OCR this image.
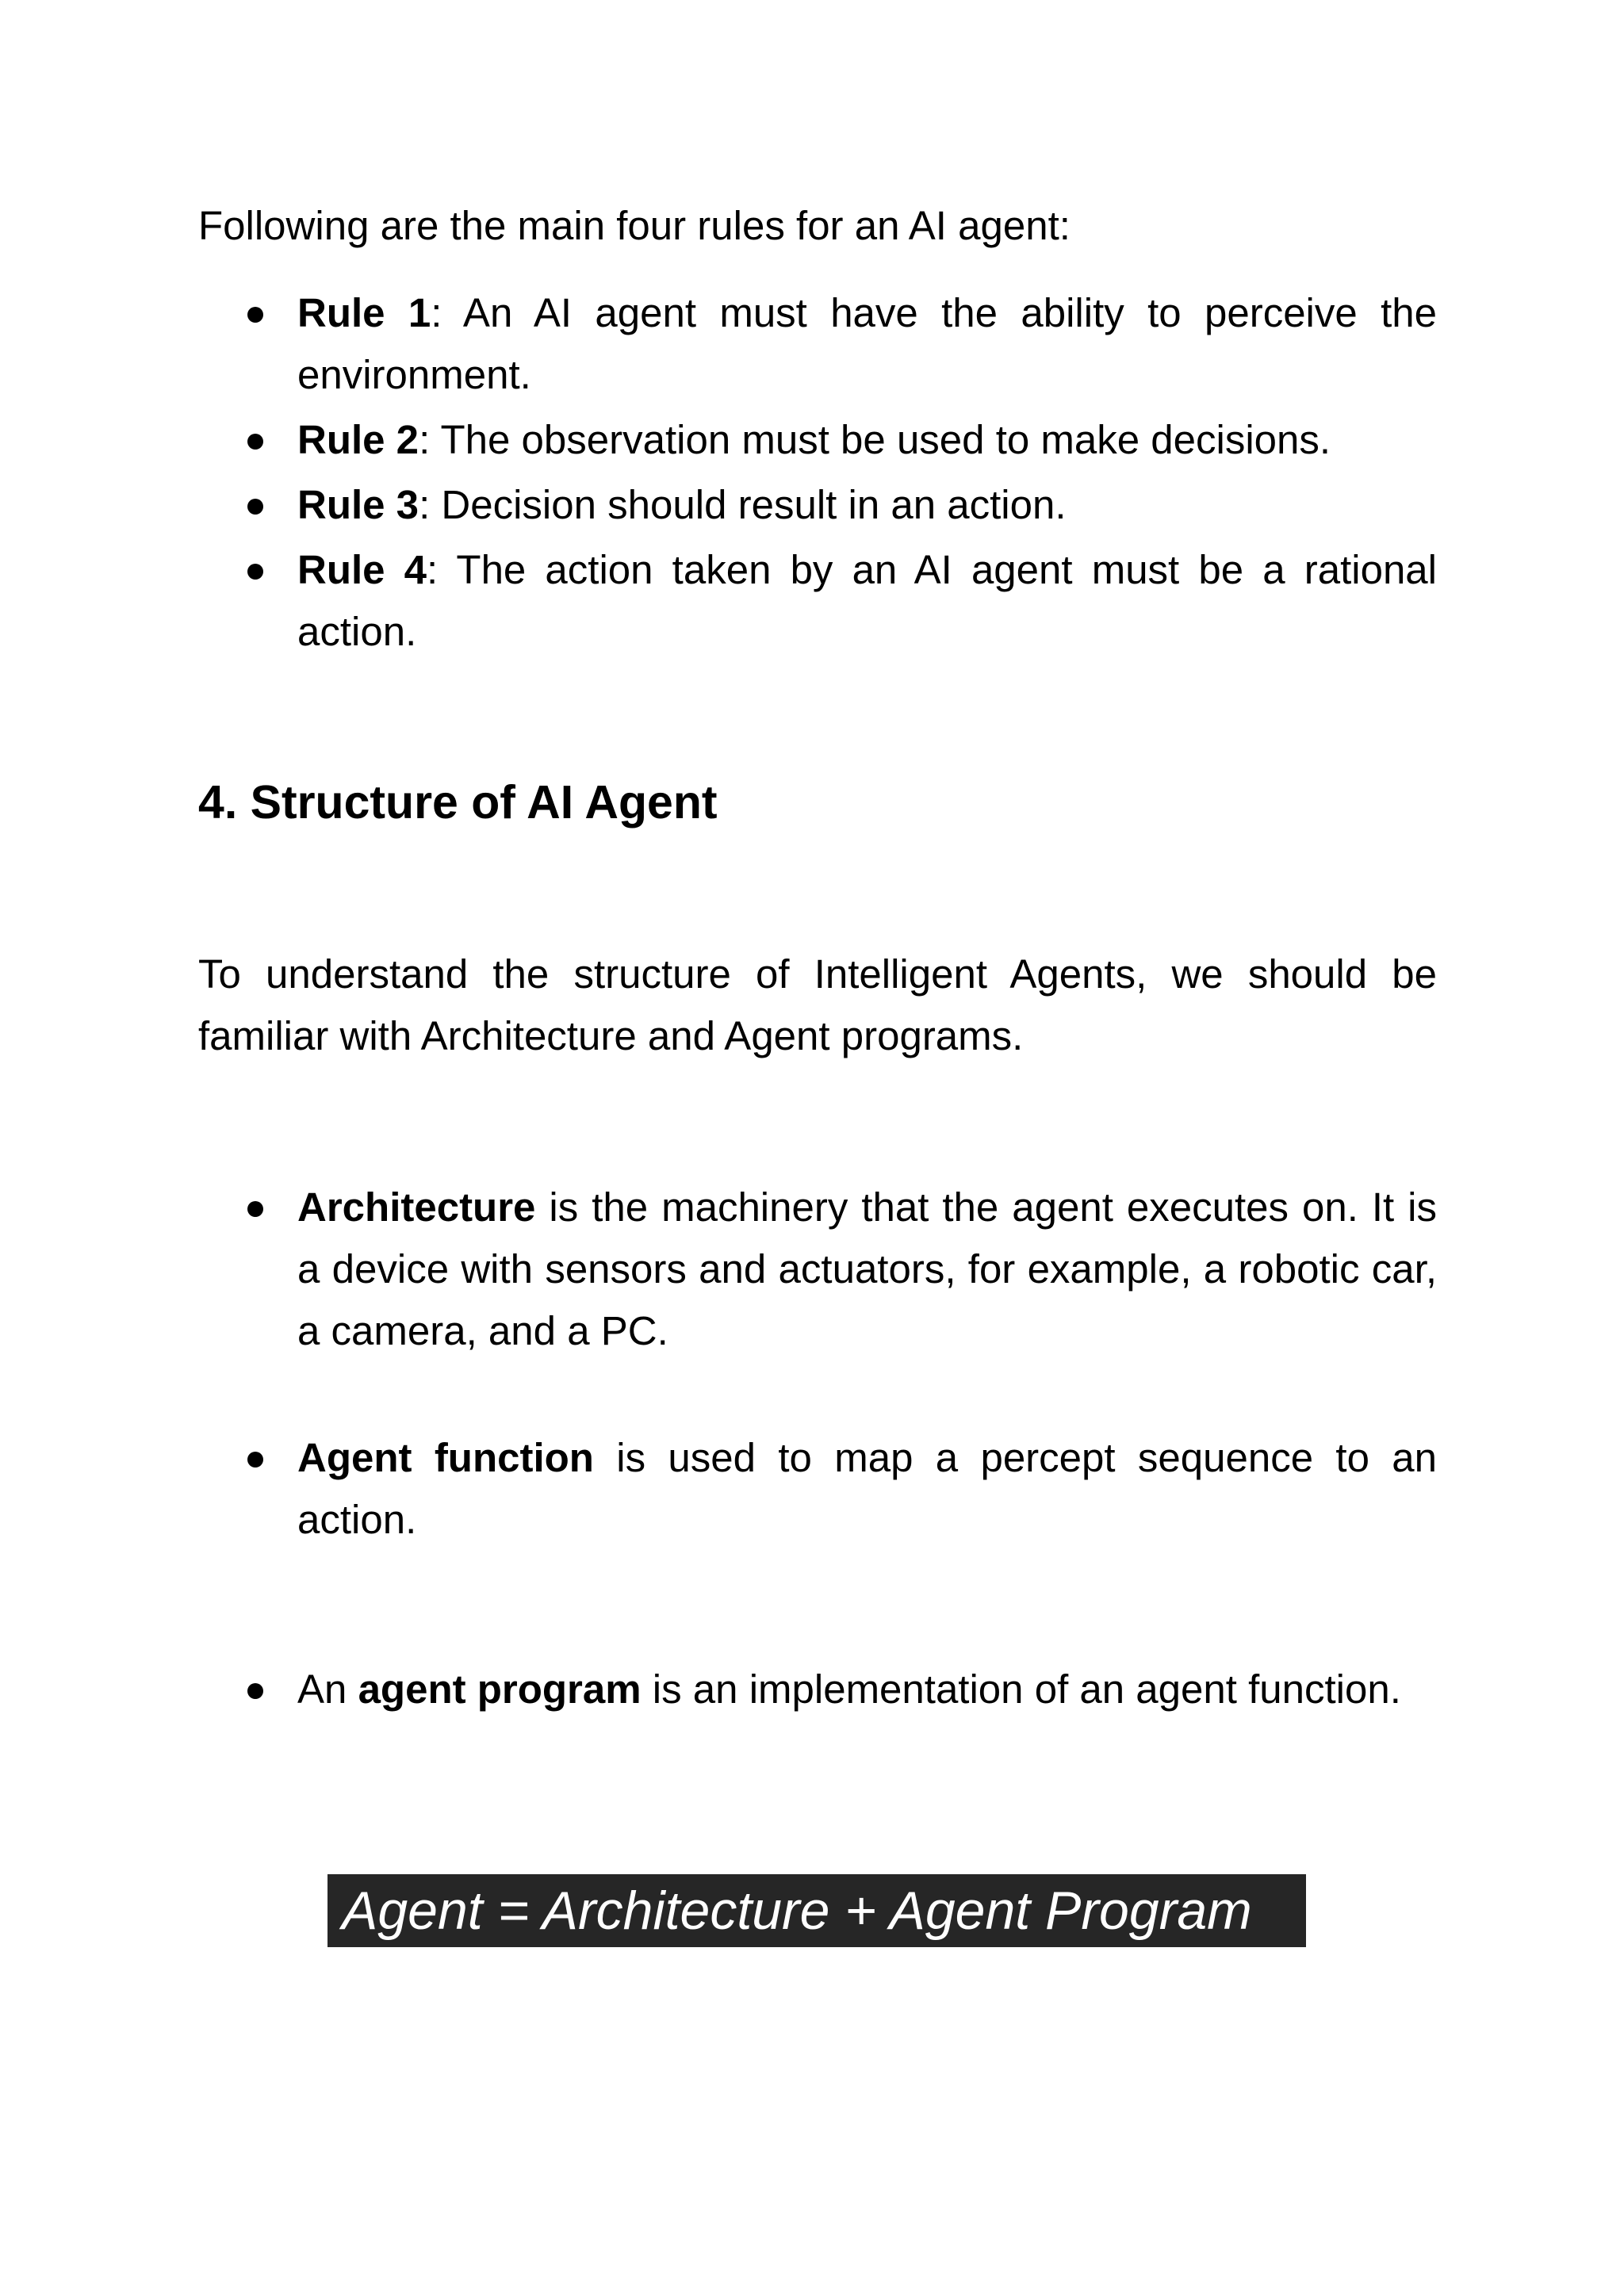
Following are the main four rules for an AI agent:

Rule 1: An AI agent must have the ability to perceive the environment.
Rule 2: The observation must be used to make decisions.
Rule 3: Decision should result in an action.
Rule 4: The action taken by an AI agent must be a rational action.
4. Structure of AI Agent

To understand the structure of Intelligent Agents, we should be familiar with Architecture and Agent programs.

Architecture is the machinery that the agent executes on. It is a device with sensors and actuators, for example, a robotic car, a camera, and a PC.
Agent function is used to map a percept sequence to an action.
An agent program is an implementation of an agent function.
Agent = Architecture + Agent Program
